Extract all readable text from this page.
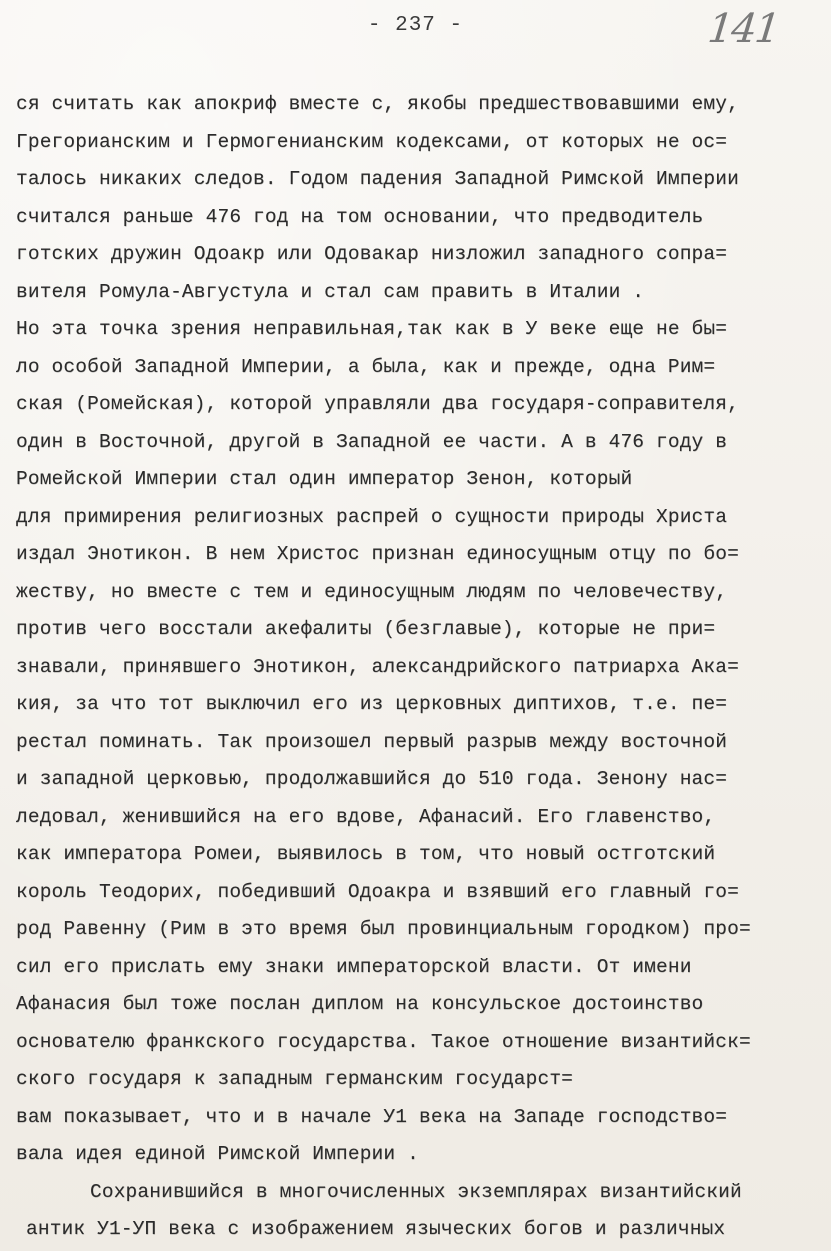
- 237 -	141
ся считать как апокриф вместе с, якобы предшествовавшими ему,
Грегорианским и Гермогенианским кодексами, от которых не ос=
талось никаких следов. Годом падения Западной Римской Империи
считался раньше 476 год на том основании, что предводитель
готских дружин Одоакр или Одовакар низложил западного сопра=
вителя Ромула-Августула и стал сам править в Италии .
Но эта точка зрения неправильная,так как в У веке еще не бы=
ло особой Западной Империи, а была, как и прежде, одна Рим=
ская (Ромейская), которой управляли два государя-соправителя,
один в Восточной, другой в Западной ее части. А в 476 году в
Ромейской Империи стал один император Зенон, который
для примирения религиозных распрей о сущности природы Христа
издал Энотикон. В нем Христос признан единосущным отцу по бо=
жеству, но вместе с тем и единосущным людям по человечеству,
против чего восстали акефалиты (безглавые), которые не при=
знавали, принявшего Энотикон, александрийского патриарха Ака=
кия, за что тот выключил его из церковных диптихов, т.е. пе=
рестал поминать. Так произошел первый разрыв между восточной
и западной церковью, продолжавшийся до 510 года. Зенону нас=
ледовал, женившийся на его вдове, Афанасий. Его главенство,
как императора Ромеи, выявилось в том, что новый остготский
король Теодорих, победивший Одоакра и взявший его главный го=
род Равенну (Рим в это время был провинциальным городком) про=
сил его прислать ему знаки императорской власти. От имени
Афанасия был тоже послан диплом на консульское достоинство
основателю франкского государства. Такое отношение византийск=
ского государя к западным германским государст=
вам показывает, что и в начале У1 века на Западе господство=
вала идея единой Римской Империи .
Сохранившийся в многочисленных экземплярах византийский
антик У1-УП века с изображением языческих богов и различных
